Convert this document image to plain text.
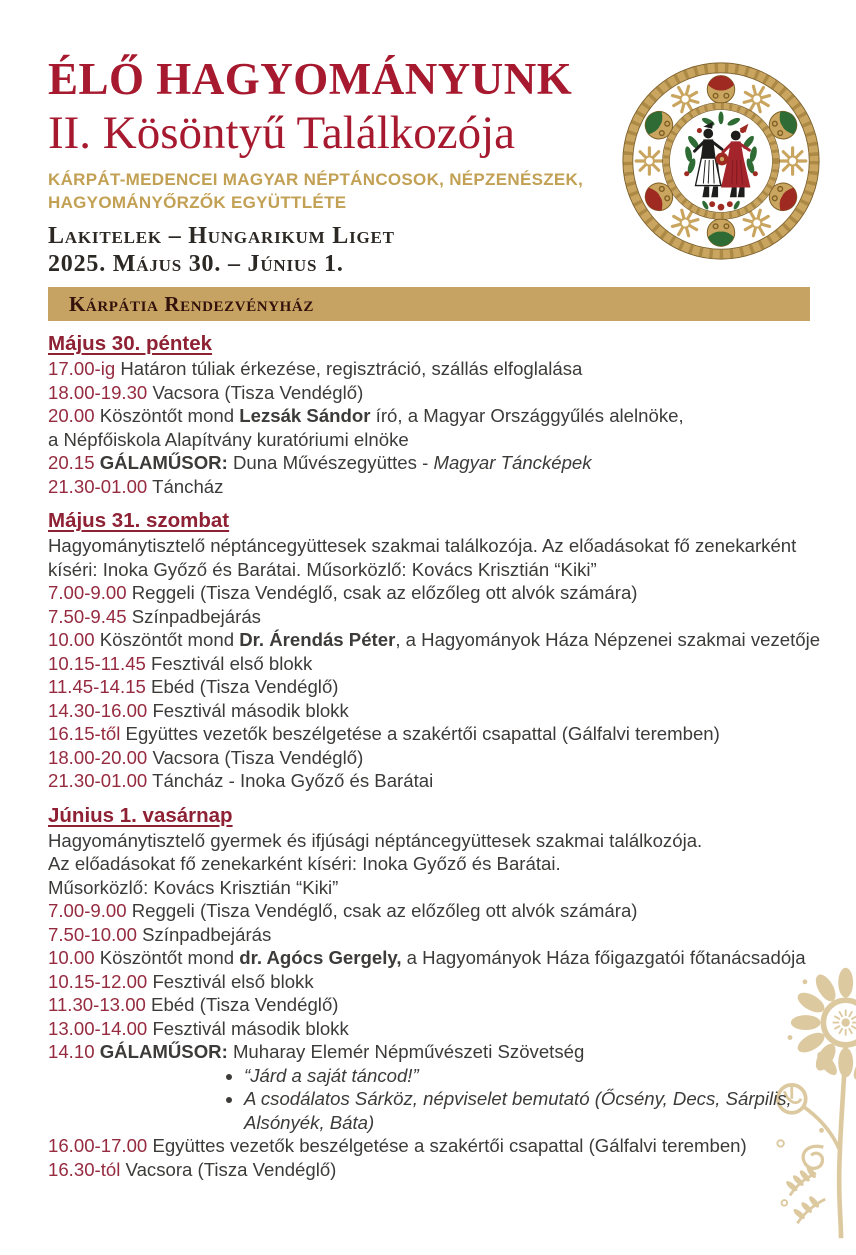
ÉLŐ HAGYOMÁNYUNK
II. Kösöntyű Találkozója
KÁRPÁT-MEDENCEI MAGYAR NÉPTÁNCOSOK, NÉPZENÉSZEK,
HAGYOMÁNYŐRZŐK EGYÜTTLÉTE
Lakitelek – Hungarikum Liget
2025. Május 30. – Június 1.
Kárpátia Rendezvényház
Május 30. péntek
17.00-ig Határon túliak érkezése, regisztráció, szállás elfoglalása
18.00-19.30 Vacsora (Tisza Vendéglő)
20.00 Köszöntőt mond Lezsák Sándor író, a Magyar Országgyűlés alelnöke,
a Népfőiskola Alapítvány kuratóriumi elnöke
20.15 GÁLAMŰSOR: Duna Művészegyüttes - Magyar Táncképek
21.30-01.00 Táncház
Május 31. szombat
Hagyománytisztelő néptáncegyüttesek szakmai találkozója. Az előadásokat fő zenekarként
kíséri: Inoka Győző és Barátai. Műsorközlő: Kovács Krisztián “Kiki”
7.00-9.00 Reggeli (Tisza Vendéglő, csak az előzőleg ott alvók számára)
7.50-9.45 Színpadbejárás
10.00 Köszöntőt mond Dr. Árendás Péter, a Hagyományok Háza Népzenei szakmai vezetője
10.15-11.45 Fesztivál első blokk
11.45-14.15 Ebéd (Tisza Vendéglő)
14.30-16.00 Fesztivál második blokk
16.15-től Együttes vezetők beszélgetése a szakértői csapattal (Gálfalvi teremben)
18.00-20.00 Vacsora (Tisza Vendéglő)
21.30-01.00 Táncház - Inoka Győző és Barátai
Június 1. vasárnap
Hagyománytisztelő gyermek és ifjúsági néptáncegyüttesek szakmai találkozója.
Az előadásokat fő zenekarként kíséri: Inoka Győző és Barátai.
Műsorközlő: Kovács Krisztián “Kiki”
7.00-9.00 Reggeli (Tisza Vendéglő, csak az előzőleg ott alvók számára)
7.50-10.00 Színpadbejárás
10.00 Köszöntőt mond dr. Agócs Gergely, a Hagyományok Háza főigazgatói főtanácsadója
10.15-12.00 Fesztivál első blokk
11.30-13.00 Ebéd (Tisza Vendéglő)
13.00-14.00 Fesztivál második blokk
14.10 GÁLAMŰSOR: Muharay Elemér Népművészeti Szövetség
• “Járd a saját táncod!”
• A csodálatos Sárköz, népviselet bemutató (Őcsény, Decs, Sárpilis,
Alsónyék, Báta)
16.00-17.00 Együttes vezetők beszélgetése a szakértői csapattal (Gálfalvi teremben)
16.30-tól Vacsora (Tisza Vendéglő)
